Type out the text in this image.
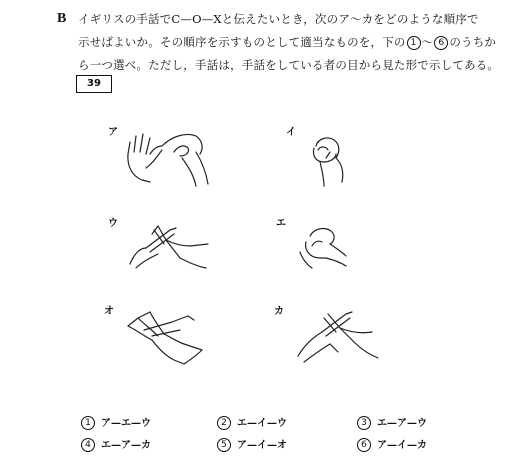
B イギリスの手話でC—O—Xと伝えたいとき，次のア〜カをどのような順序で
示せばよいか。その順序を示すものとして適当なものを，下の 1 〜 6 のうちか
ら一つ選べ。ただし，手話は，手話をしている者の目から見た形で示してある。
39
ア	イ
ウ	エ
オ	カ
1 ア—エ—ウ	2 エ—イ—ウ	3 エ—ア—ウ
4 エ—ア—カ	5 ア—イ—オ	6 ア—イ—カ
